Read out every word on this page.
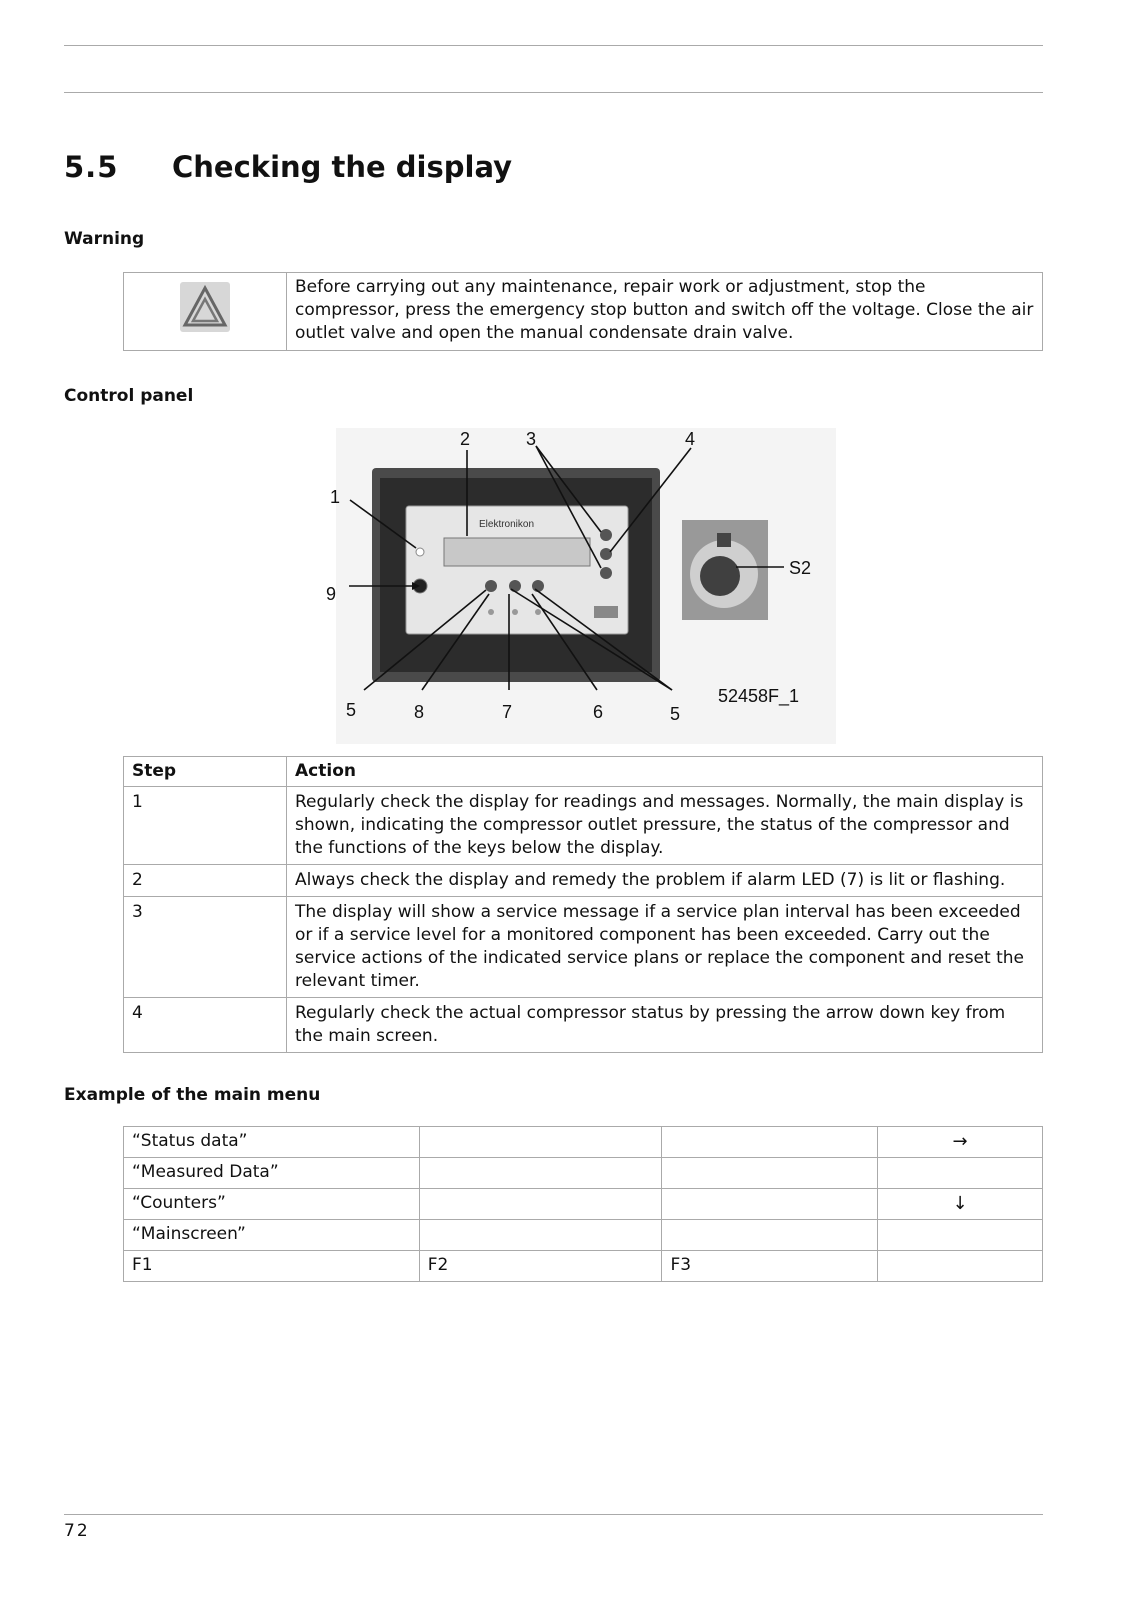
5.5 Checking the display
Warning
	Before carrying out any maintenance, repair work or adjustment, stop the compressor, press the emergency stop button and switch off the voltage. Close the air outlet valve and open the manual condensate drain valve.
Control panel
Elektronikon
2	3	4
1
9
5	8	7	6	5
S2
52458F_1
Step	Action
1	Regularly check the display for readings and messages. Normally, the main display is shown, indicating the compressor outlet pressure, the status of the compressor and the functions of the keys below the display.
2	Always check the display and remedy the problem if alarm LED (7) is lit or flashing.
3	The display will show a service message if a service plan interval has been exceeded or if a service level for a monitored component has been exceeded. Carry out the service actions of the indicated service plans or replace the component and reset the relevant timer.
4	Regularly check the actual compressor status by pressing the arrow down key from the main screen.
Example of the main menu
“Status data”			→
“Measured Data”			
“Counters”			↓
“Mainscreen”			
F1	F2	F3	
72
